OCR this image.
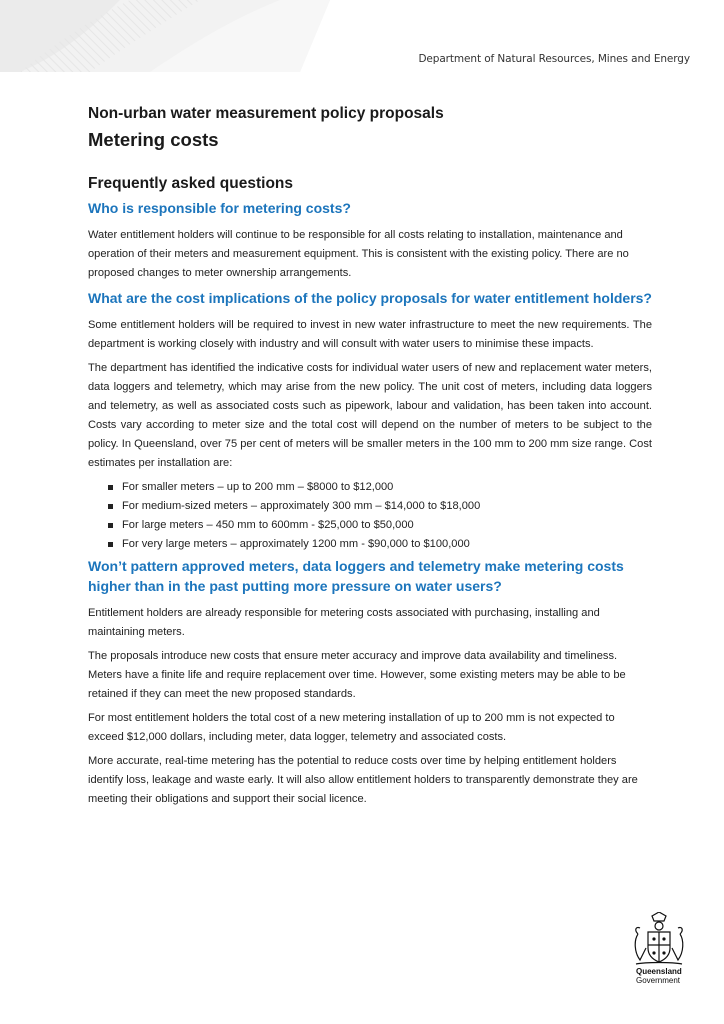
Department of Natural Resources, Mines and Energy
Non-urban water measurement policy proposals
Metering costs
Frequently asked questions
Who is responsible for metering costs?
Water entitlement holders will continue to be responsible for all costs relating to installation, maintenance and operation of their meters and measurement equipment. This is consistent with the existing policy. There are no proposed changes to meter ownership arrangements.
What are the cost implications of the policy proposals for water entitlement holders?
Some entitlement holders will be required to invest in new water infrastructure to meet the new requirements. The department is working closely with industry and will consult with water users to minimise these impacts.
The department has identified the indicative costs for individual water users of new and replacement water meters, data loggers and telemetry, which may arise from the new policy. The unit cost of meters, including data loggers and telemetry, as well as associated costs such as pipework, labour and validation, has been taken into account. Costs vary according to meter size and the total cost will depend on the number of meters to be subject to the policy. In Queensland, over 75 per cent of meters will be smaller meters in the 100 mm to 200 mm size range. Cost estimates per installation are:
For smaller meters – up to 200 mm – $8000 to $12,000
For medium-sized meters – approximately 300 mm – $14,000 to $18,000
For large meters – 450 mm to 600mm - $25,000 to $50,000
For very large meters – approximately 1200 mm - $90,000 to $100,000
Won’t pattern approved meters, data loggers and telemetry make metering costs higher than in the past putting more pressure on water users?
Entitlement holders are already responsible for metering costs associated with purchasing, installing and maintaining meters.
The proposals introduce new costs that ensure meter accuracy and improve data availability and timeliness. Meters have a finite life and require replacement over time. However, some existing meters may be able to be retained if they can meet the new proposed standards.
For most entitlement holders the total cost of a new metering installation of up to 200 mm is not expected to exceed $12,000 dollars, including meter, data logger, telemetry and associated costs.
More accurate, real-time metering has the potential to reduce costs over time by helping entitlement holders identify loss, leakage and waste early. It will also allow entitlement holders to transparently demonstrate they are meeting their obligations and support their social licence.
Queensland
Government
